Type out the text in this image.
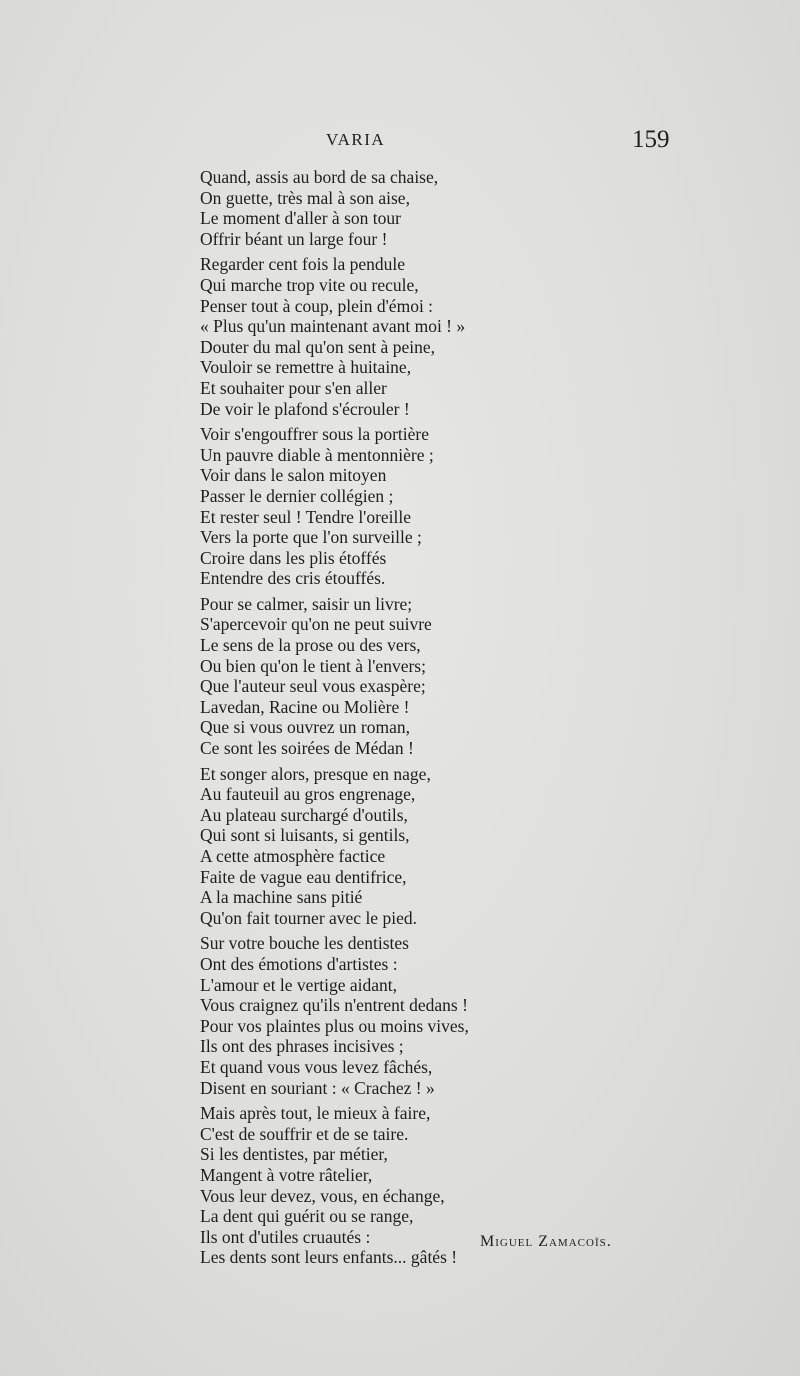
VARIA	159
Quand, assis au bord de sa chaise,
On guette, très mal à son aise,
Le moment d'aller à son tour
Offrir béant un large four !
Regarder cent fois la pendule
Qui marche trop vite ou recule,
Penser tout à coup, plein d'émoi :
« Plus qu'un maintenant avant moi ! »
Douter du mal qu'on sent à peine,
Vouloir se remettre à huitaine,
Et souhaiter pour s'en aller
De voir le plafond s'écrouler !
Voir s'engouffrer sous la portière
Un pauvre diable à mentonnière ;
Voir dans le salon mitoyen
Passer le dernier collégien ;
Et rester seul ! Tendre l'oreille
Vers la porte que l'on surveille ;
Croire dans les plis étoffés
Entendre des cris étouffés.
Pour se calmer, saisir un livre;
S'apercevoir qu'on ne peut suivre
Le sens de la prose ou des vers,
Ou bien qu'on le tient à l'envers;
Que l'auteur seul vous exaspère;
Lavedan, Racine ou Molière !
Que si vous ouvrez un roman,
Ce sont les soirées de Médan !
Et songer alors, presque en nage,
Au fauteuil au gros engrenage,
Au plateau surchargé d'outils,
Qui sont si luisants, si gentils,
A cette atmosphère factice
Faite de vague eau dentifrice,
A la machine sans pitié
Qu'on fait tourner avec le pied.
Sur votre bouche les dentistes
Ont des émotions d'artistes :
L'amour et le vertige aidant,
Vous craignez qu'ils n'entrent dedans !
Pour vos plaintes plus ou moins vives,
Ils ont des phrases incisives ;
Et quand vous vous levez fâchés,
Disent en souriant : « Crachez ! »
Mais après tout, le mieux à faire,
C'est de souffrir et de se taire.
Si les dentistes, par métier,
Mangent à votre râtelier,
Vous leur devez, vous, en échange,
La dent qui guérit ou se range,
Ils ont d'utiles cruautés :
Les dents sont leurs enfants... gâtés !
Miguel Zamacoïs.
